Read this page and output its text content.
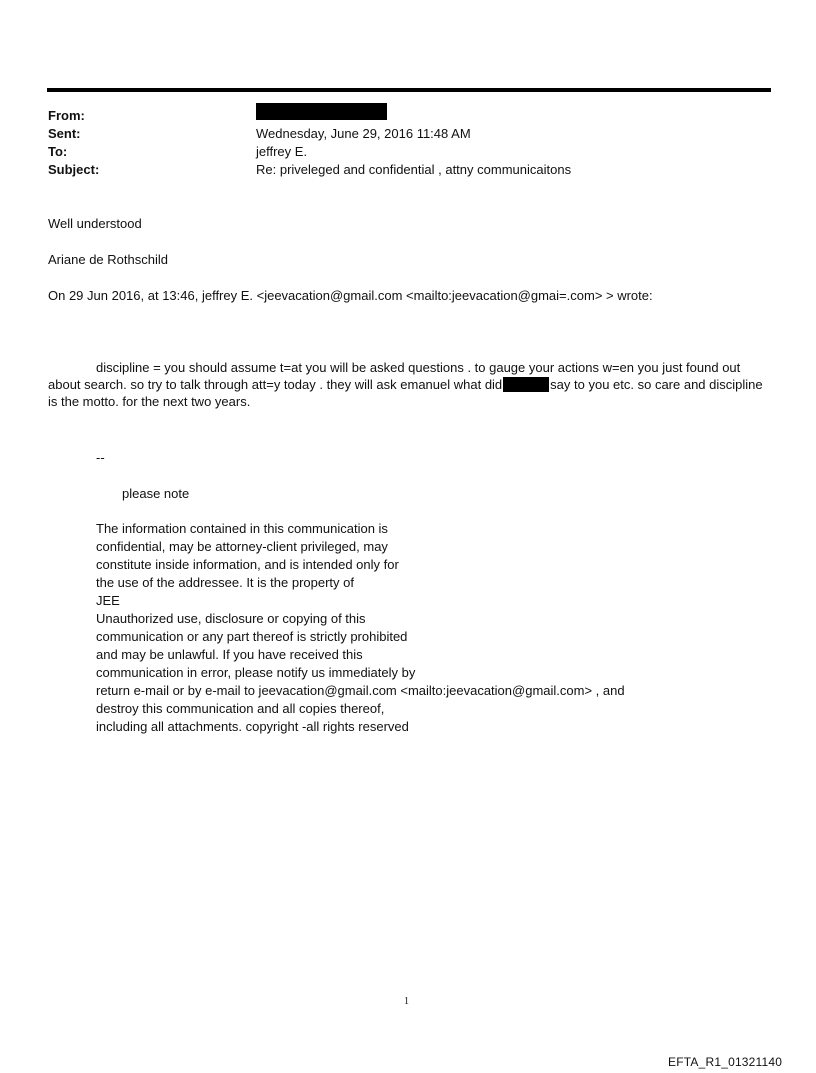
From:
Sent:	Wednesday, June 29, 2016 11:48 AM
To:	jeffrey E.
Subject:	Re: priveleged and confidential , attny communicaitons
Well understood
Ariane de Rothschild
On 29 Jun 2016, at 13:46, jeffrey E. <jeevacation@gmail.com <mailto:jeevacation@gmai=.com> > wrote:
discipline = you should assume t=at you will be asked questions . to gauge your actions w=en you just found out about search. so try to talk through att=y today . they will ask emanuel what did	say to you etc. so care and discipline is the motto. for the next two years.
--
please note
The information contained in this communication is
confidential, may be attorney-client privileged, may
constitute inside information, and is intended only for
the use of the addressee. It is the property of
JEE
Unauthorized use, disclosure or copying of this
communication or any part thereof is strictly prohibited
and may be unlawful. If you have received this
communication in error, please notify us immediately by
return e-mail or by e-mail to jeevacation@gmail.com <mailto:jeevacation@gmail.com> , and
destroy this communication and all copies thereof,
including all attachments. copyright -all rights reserved
1
EFTA_R1_01321140
